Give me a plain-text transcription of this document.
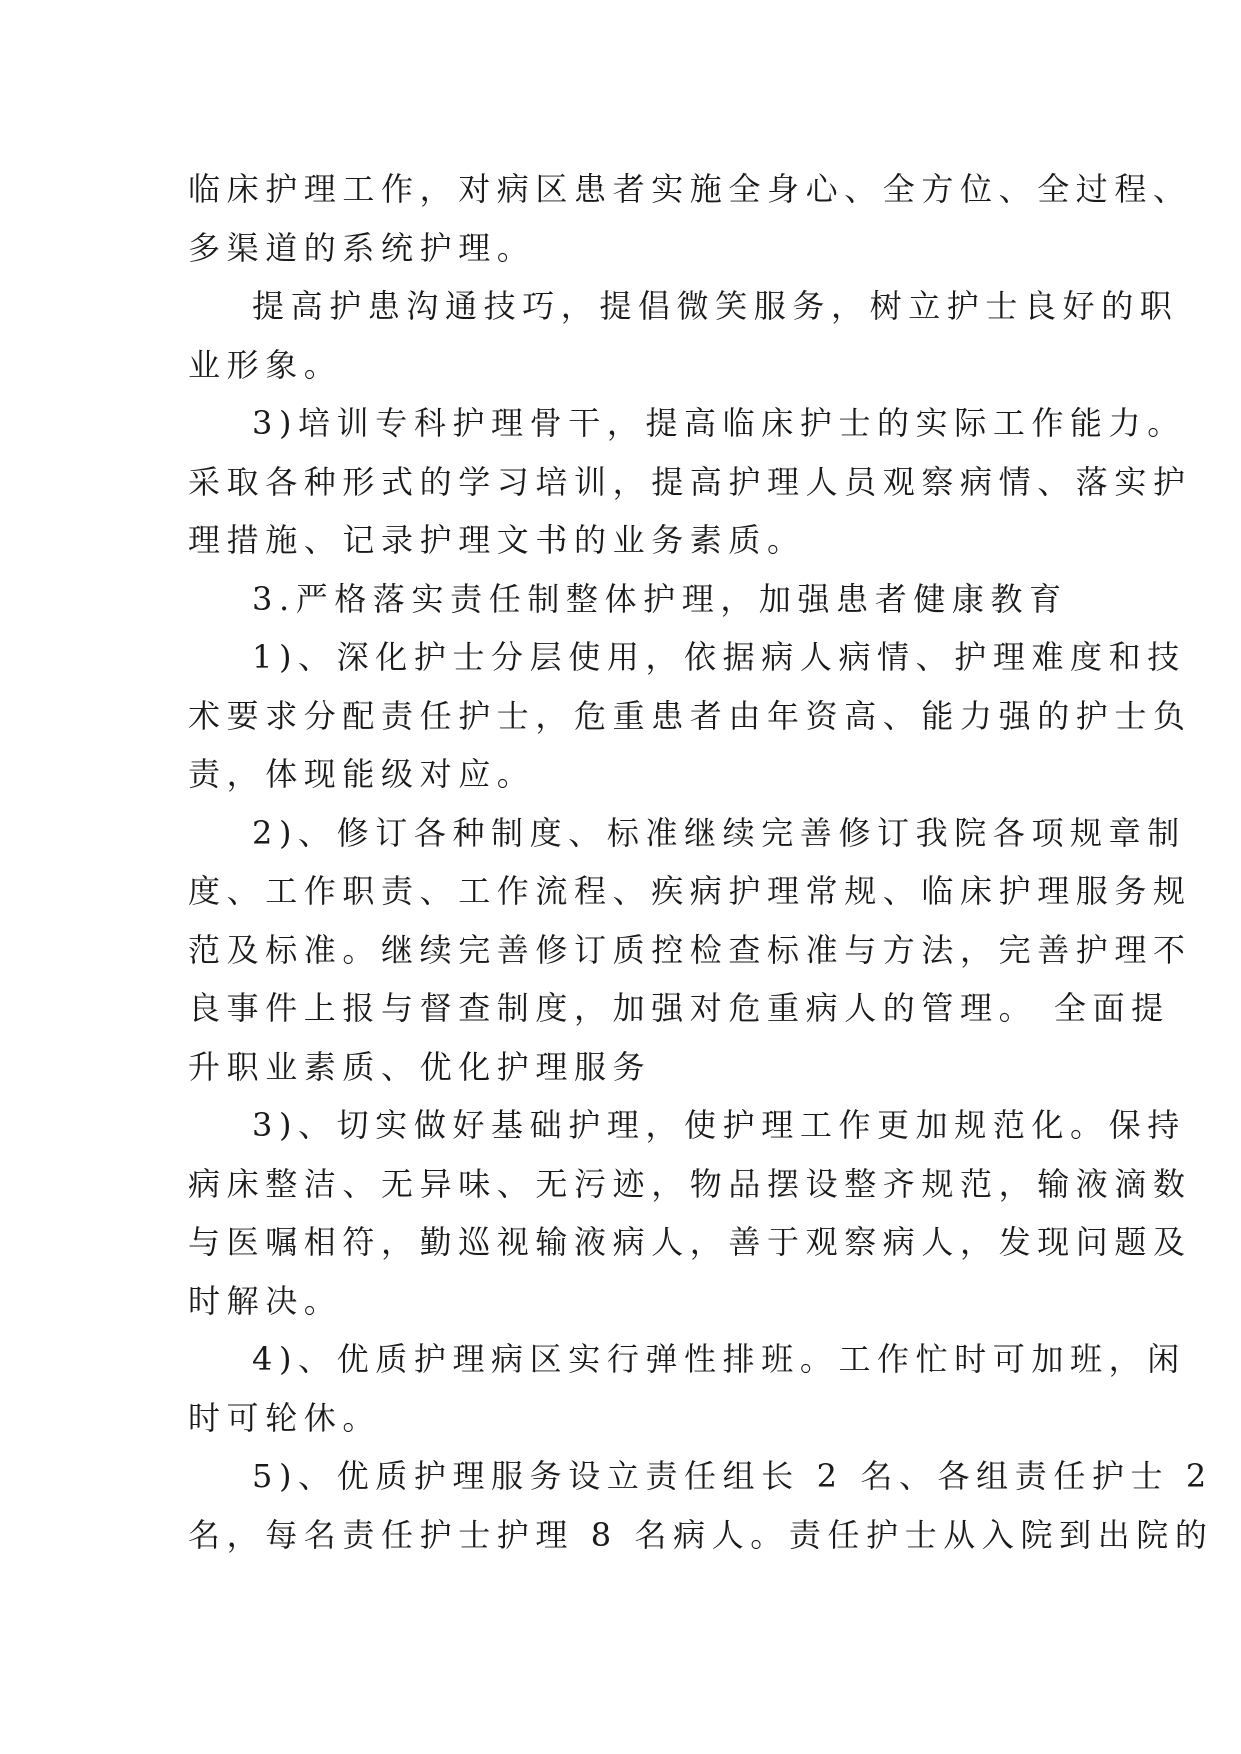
临床护理工作，对病区患者实施全身心、全方位、全过程、
多渠道的系统护理。

提高护患沟通技巧，提倡微笑服务，树立护士良好的职
业形象。

3)培训专科护理骨干，提高临床护士的实际工作能力。
采取各种形式的学习培训，提高护理人员观察病情、落实护
理措施、记录护理文书的业务素质。

3.严格落实责任制整体护理，加强患者健康教育

1)、深化护士分层使用，依据病人病情、护理难度和技
术要求分配责任护士，危重患者由年资高、能力强的护士负
责，体现能级对应。

2)、修订各种制度、标准继续完善修订我院各项规章制
度、工作职责、工作流程、疾病护理常规、临床护理服务规
范及标准。继续完善修订质控检查标准与方法，完善护理不
良事件上报与督查制度，加强对危重病人的管理。 全面提
升职业素质、优化护理服务

3)、切实做好基础护理，使护理工作更加规范化。保持
病床整洁、无异味、无污迹，物品摆设整齐规范，输液滴数
与医嘱相符，勤巡视输液病人，善于观察病人，发现问题及
时解决。

4)、优质护理病区实行弹性排班。工作忙时可加班，闲
时可轮休。

5)、优质护理服务设立责任组长 2 名、各组责任护士 2
名，每名责任护士护理 8 名病人。责任护士从入院到出院的
